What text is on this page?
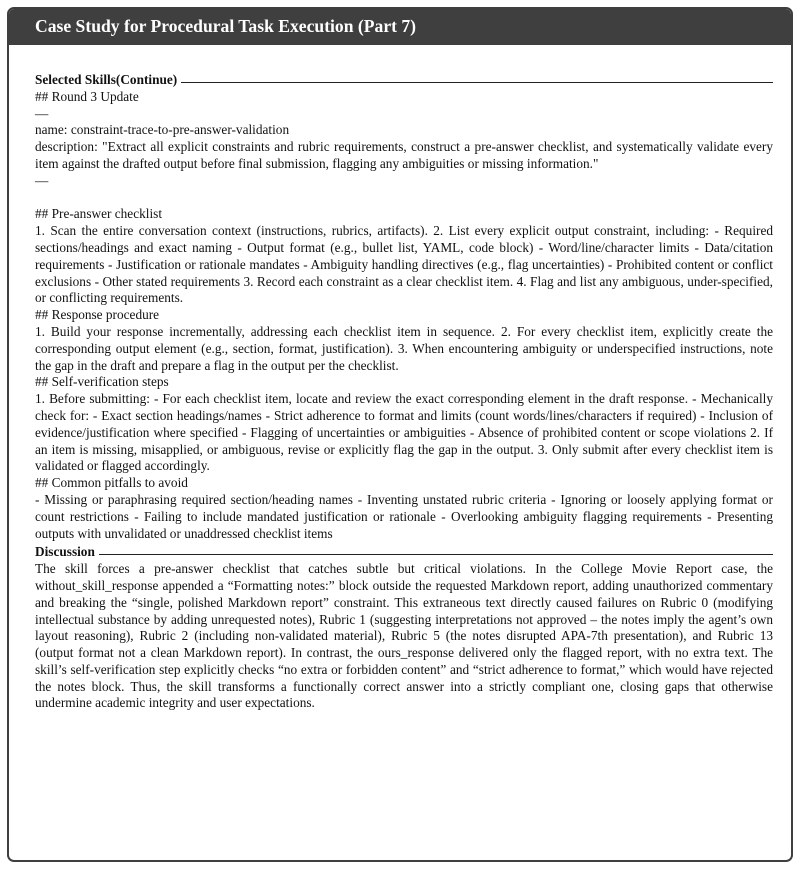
Case Study for Procedural Task Execution (Part 7)
Selected Skills(Continue)
## Round 3 Update
—
name: constraint-trace-to-pre-answer-validation
description: "Extract all explicit constraints and rubric requirements, construct a pre-answer checklist, and systematically validate every item against the drafted output before final submission, flagging any ambiguities or missing information."
—
## Pre-answer checklist
1. Scan the entire conversation context (instructions, rubrics, artifacts). 2. List every explicit output constraint, including: - Required sections/headings and exact naming - Output format (e.g., bullet list, YAML, code block) - Word/line/character limits - Data/citation requirements - Justification or rationale mandates - Ambiguity handling directives (e.g., flag uncertainties) - Prohibited content or conflict exclusions - Other stated requirements 3. Record each constraint as a clear checklist item. 4. Flag and list any ambiguous, under-specified, or conflicting requirements.
## Response procedure
1. Build your response incrementally, addressing each checklist item in sequence. 2. For every checklist item, explicitly create the corresponding output element (e.g., section, format, justification). 3. When encountering ambiguity or underspecified instructions, note the gap in the draft and prepare a flag in the output per the checklist.
## Self-verification steps
1. Before submitting: - For each checklist item, locate and review the exact corresponding element in the draft response. - Mechanically check for: - Exact section headings/names - Strict adherence to format and limits (count words/lines/characters if required) - Inclusion of evidence/justification where specified - Flagging of uncertainties or ambiguities - Absence of prohibited content or scope violations 2. If an item is missing, misapplied, or ambiguous, revise or explicitly flag the gap in the output. 3. Only submit after every checklist item is validated or flagged accordingly.
## Common pitfalls to avoid
- Missing or paraphrasing required section/heading names - Inventing unstated rubric criteria - Ignoring or loosely applying format or count restrictions - Failing to include mandated justification or rationale - Overlooking ambiguity flagging requirements - Presenting outputs with unvalidated or unaddressed checklist items
Discussion
The skill forces a pre-answer checklist that catches subtle but critical violations. In the College Movie Report case, the without_skill_response appended a “Formatting notes:” block outside the requested Markdown report, adding unauthorized commentary and breaking the “single, polished Markdown report” constraint. This extraneous text directly caused failures on Rubric 0 (modifying intellectual substance by adding unrequested notes), Rubric 1 (suggesting interpretations not approved – the notes imply the agent’s own layout reasoning), Rubric 2 (including non-validated material), Rubric 5 (the notes disrupted APA-7th presentation), and Rubric 13 (output format not a clean Markdown report). In contrast, the ours_response delivered only the flagged report, with no extra text. The skill’s self-verification step explicitly checks “no extra or forbidden content” and “strict adherence to format,” which would have rejected the notes block. Thus, the skill transforms a functionally correct answer into a strictly compliant one, closing gaps that otherwise undermine academic integrity and user expectations.
